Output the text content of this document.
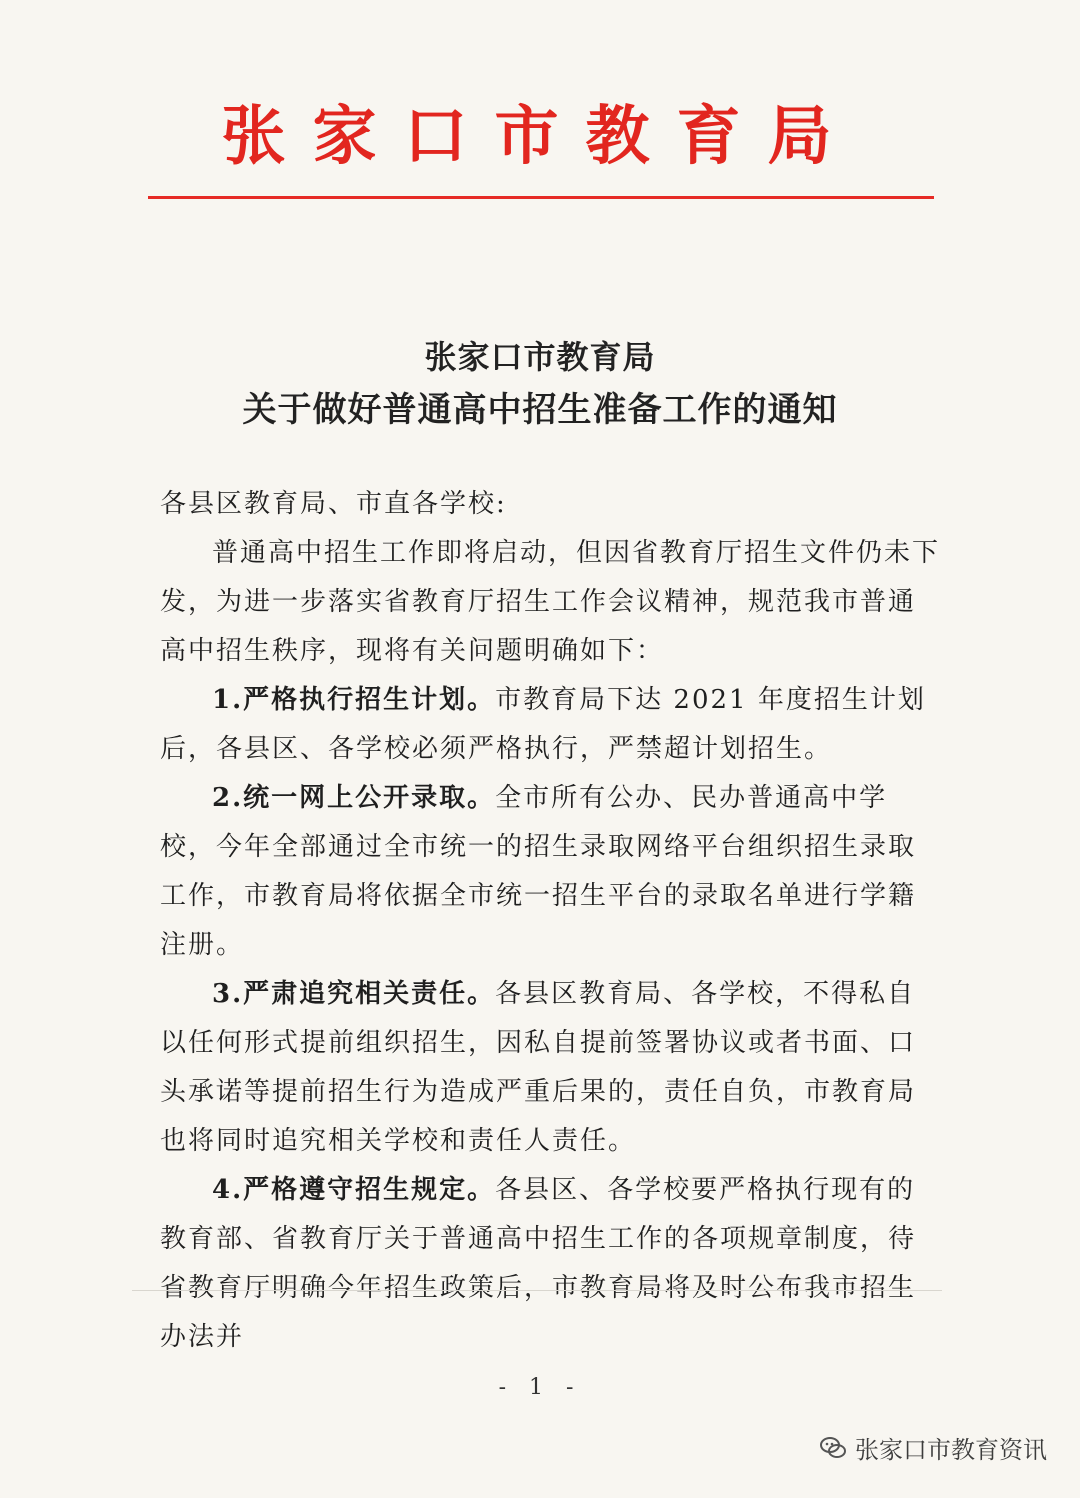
张家口市教育局
张家口市教育局
关于做好普通高中招生准备工作的通知

各县区教育局、市直各学校:

普通高中招生工作即将启动，但因省教育厅招生文件仍未下发，为进一步落实省教育厅招生工作会议精神，规范我市普通高中招生秩序，现将有关问题明确如下：

1.严格执行招生计划。市教育局下达 2021 年度招生计划后，各县区、各学校必须严格执行，严禁超计划招生。

2.统一网上公开录取。全市所有公办、民办普通高中学校，今年全部通过全市统一的招生录取网络平台组织招生录取工作，市教育局将依据全市统一招生平台的录取名单进行学籍注册。

3.严肃追究相关责任。各县区教育局、各学校，不得私自以任何形式提前组织招生，因私自提前签署协议或者书面、口头承诺等提前招生行为造成严重后果的，责任自负，市教育局也将同时追究相关学校和责任人责任。

4.严格遵守招生规定。各县区、各学校要严格执行现有的教育部、省教育厅关于普通高中招生工作的各项规章制度，待省教育厅明确今年招生政策后，市教育局将及时公布我市招生办法并

- 1 -
张家口市教育资讯
